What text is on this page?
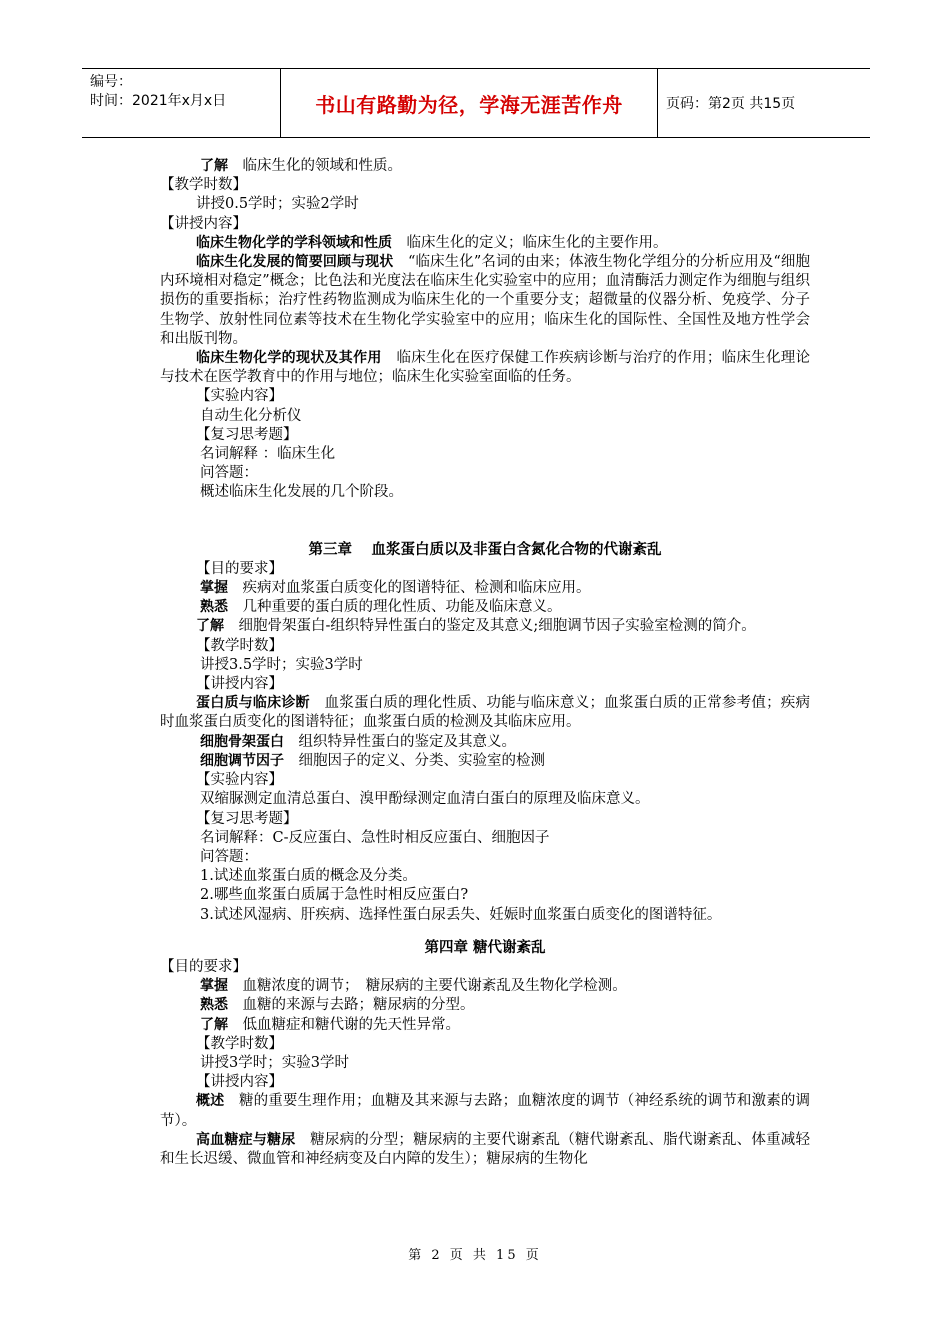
编号：
时间：2021年x月x日	书山有路勤为径，学海无涯苦作舟	页码：第2页 共15页

了解　 临床生化的领域和性质。

【教学时数】

讲授0.5学时；实验2学时

【讲授内容】

临床生物化学的学科领域和性质　 临床生化的定义；临床生化的主要作用。

临床生化发展的简要回顾与现状　 “临床生化”名词的由来；体液生物化学组分的分析应用及“细胞内环境相对稳定”概念；比色法和光度法在临床生化实验室中的应用；血清酶活力测定作为细胞与组织损伤的重要指标；治疗性药物监测成为临床生化的一个重要分支；超微量的仪器分析、免疫学、分子生物学、放射性同位素等技术在生物化学实验室中的应用；临床生化的国际性、全国性及地方性学会和出版刊物。

临床生物化学的现状及其作用　 临床生化在医疗保健工作疾病诊断与治疗的作用；临床生化理论与技术在医学教育中的作用与地位；临床生化实验室面临的任务。

【实验内容】

自动生化分析仪

【复习思考题】

名词解释 ：临床生化

问答题：

概述临床生化发展的几个阶段。

第三章　 血浆蛋白质以及非蛋白含氮化合物的代谢紊乱

【目的要求】

掌握　 疾病对血浆蛋白质变化的图谱特征、检测和临床应用。

熟悉　 几种重要的蛋白质的理化性质、功能及临床意义。

了解　 细胞骨架蛋白-组织特异性蛋白的鉴定及其意义;细胞调节因子实验室检测的简介。

【教学时数】

讲授3.5学时；实验3学时

【讲授内容】

蛋白质与临床诊断　 血浆蛋白质的理化性质、功能与临床意义；血浆蛋白质的正常参考值；疾病时血浆蛋白质变化的图谱特征；血浆蛋白质的检测及其临床应用。

细胞骨架蛋白　 组织特异性蛋白的鉴定及其意义。

细胞调节因子　 细胞因子的定义、分类、实验室的检测

【实验内容】

双缩脲测定血清总蛋白、溴甲酚绿测定血清白蛋白的原理及临床意义。

【复习思考题】

名词解释：C-反应蛋白、急性时相反应蛋白、细胞因子

问答题：

1.试述血浆蛋白质的概念及分类。

2.哪些血浆蛋白质属于急性时相反应蛋白?

3.试述风湿病、肝疾病、选择性蛋白尿丢失、妊娠时血浆蛋白质变化的图谱特征。

第四章 糖代谢紊乱

【目的要求】

掌握　 血糖浓度的调节；　糖尿病的主要代谢紊乱及生物化学检测。

熟悉　 血糖的来源与去路；糖尿病的分型。

了解　 低血糖症和糖代谢的先天性异常。

【教学时数】

讲授3学时；实验3学时

【讲授内容】

概述　 糖的重要生理作用；血糖及其来源与去路；血糖浓度的调节（神经系统的调节和激素的调节）。

高血糖症与糖尿　 糖尿病的分型；糖尿病的主要代谢紊乱（糖代谢紊乱、脂代谢紊乱、体重减轻和生长迟缓、微血管和神经病变及白内障的发生）；糖尿病的生物化

第 2 页 共 15 页
